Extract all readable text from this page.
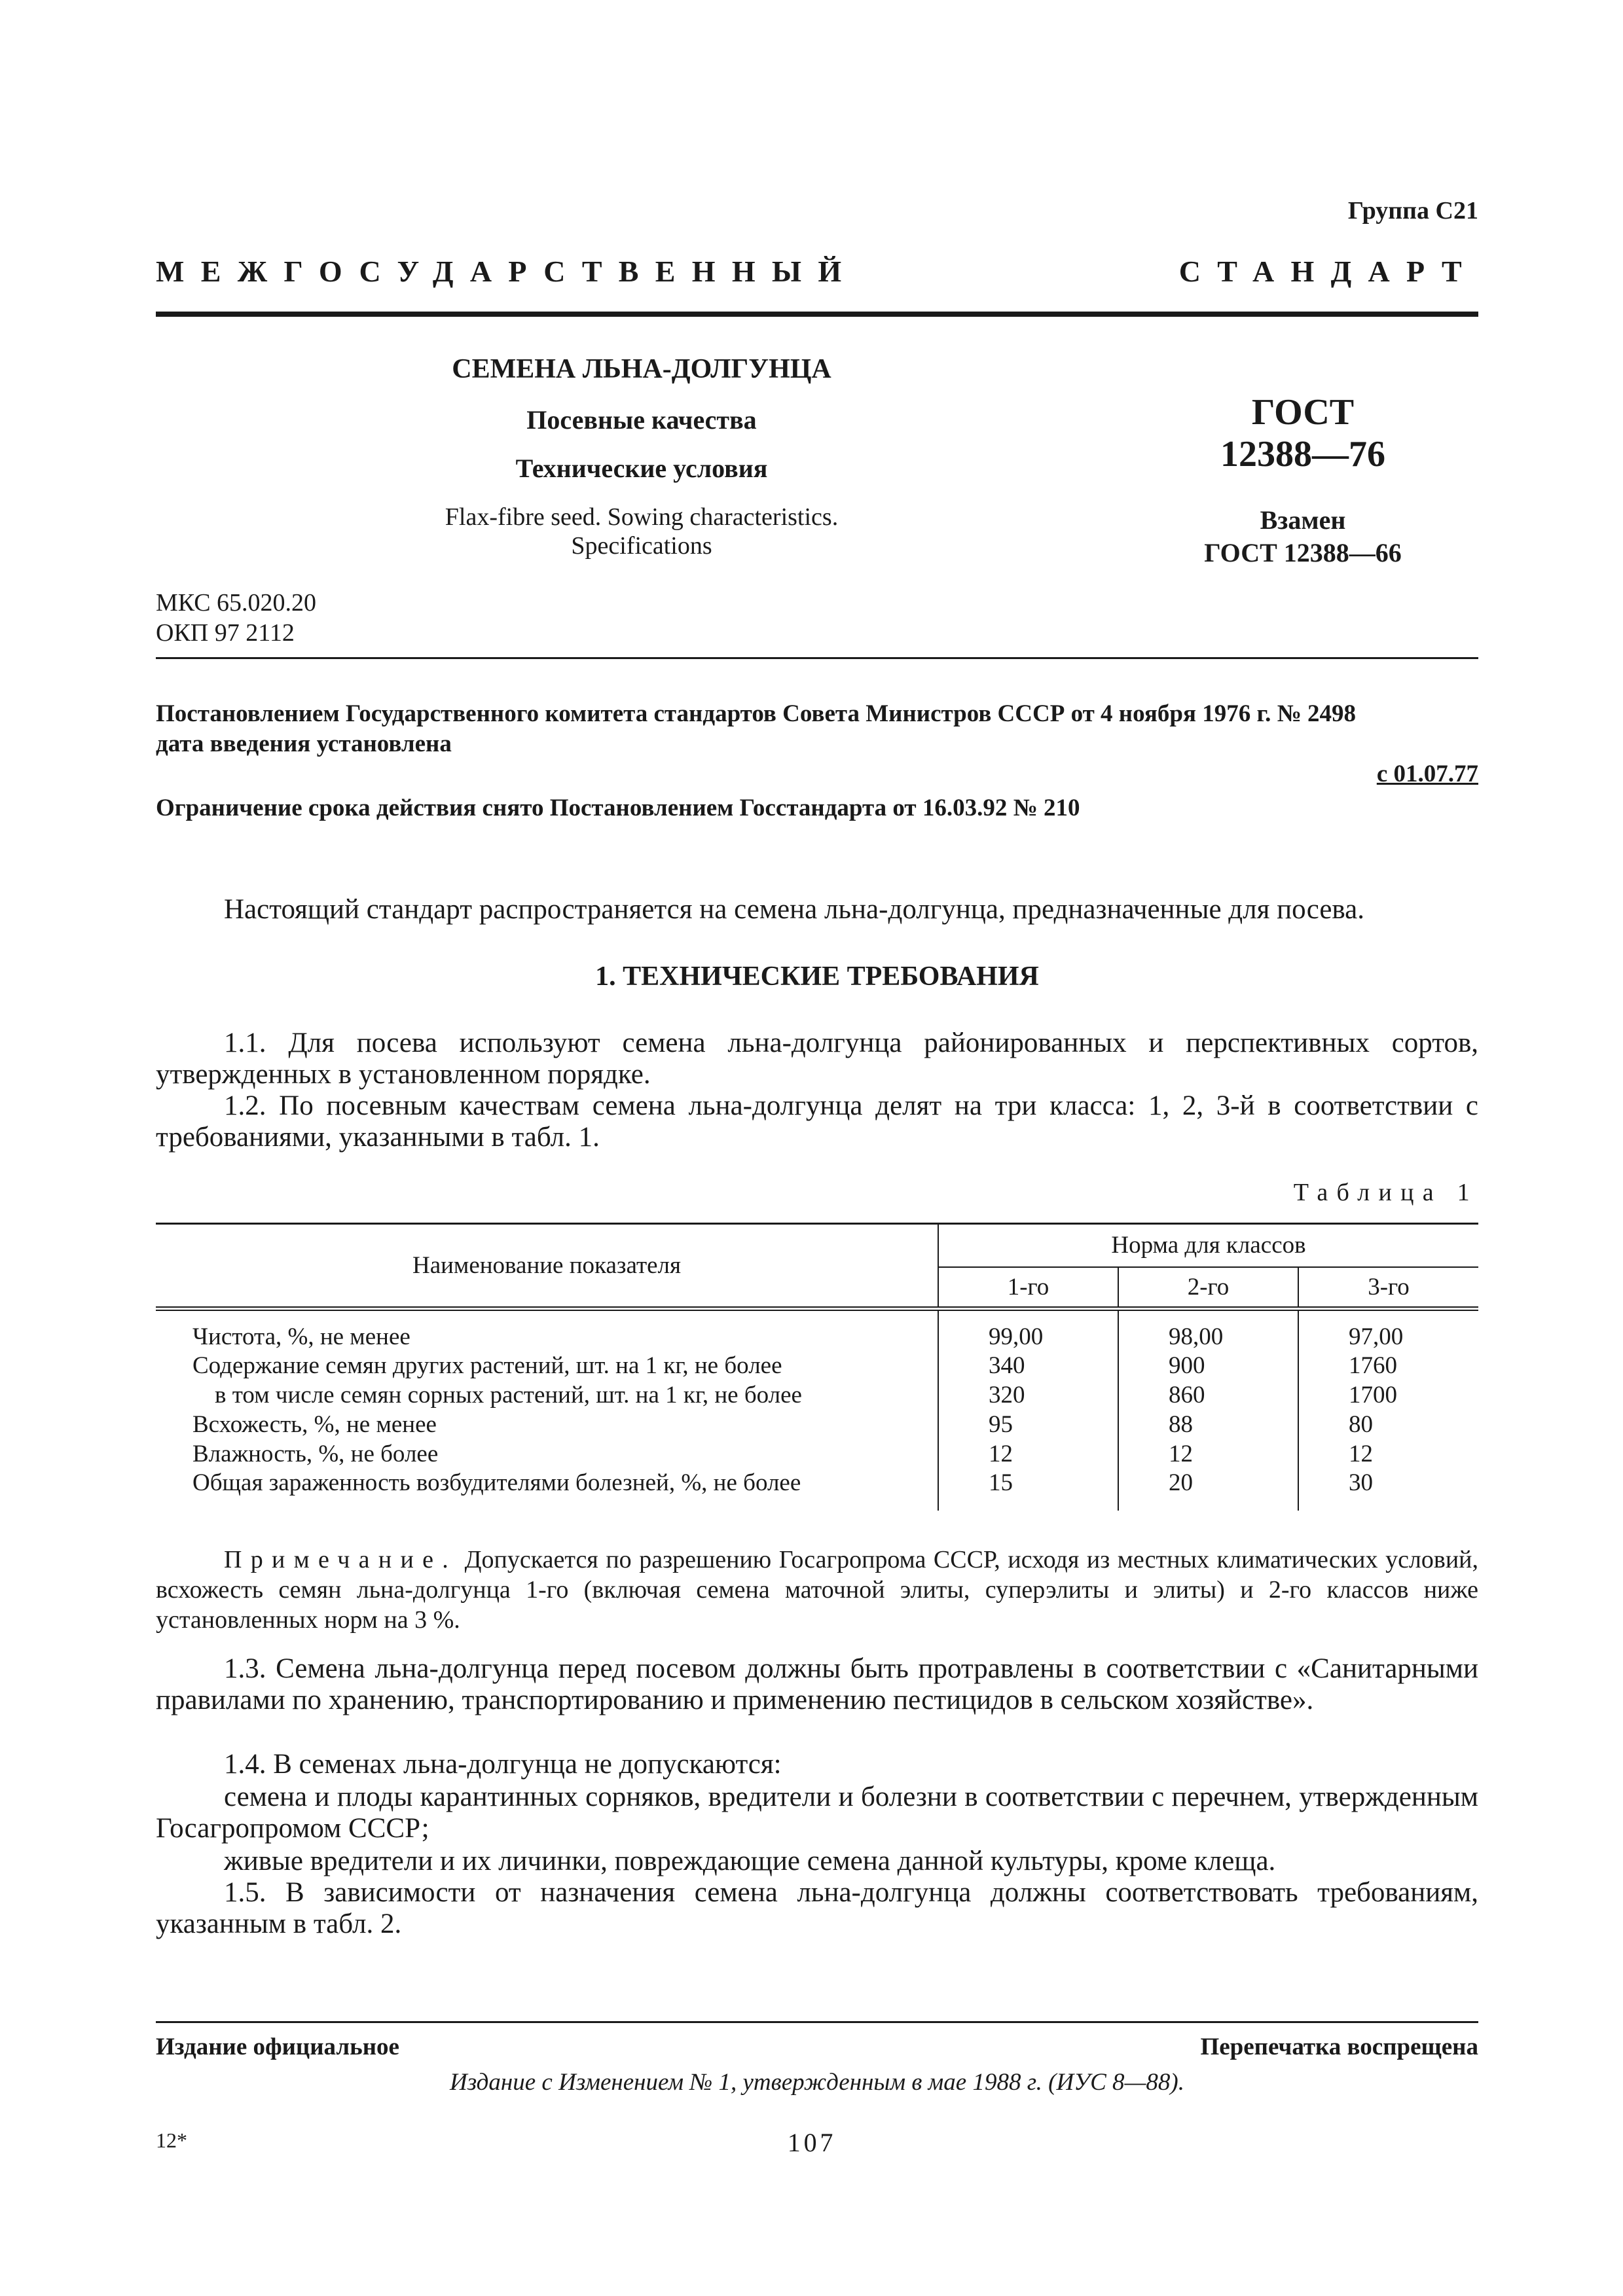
Группа С21
МЕЖГОСУДАРСТВЕННЫЙ СТАНДАРТ
СЕМЕНА ЛЬНА-ДОЛГУНЦА
Посевные качества
Технические условия
Flax-fibre seed. Sowing characteristics.
Specifications
ГОСТ
12388—76
Взамен
ГОСТ 12388—66
МКС 65.020.20
ОКП 97 2112
Постановлением Государственного комитета стандартов Совета Министров СССР от 4 ноября 1976 г. № 2498
дата введения установлена
с 01.07.77
Ограничение срока действия снято Постановлением Госстандарта от 16.03.92 № 210
Настоящий стандарт распространяется на семена льна-долгунца, предназначенные для посева.
1. ТЕХНИЧЕСКИЕ ТРЕБОВАНИЯ
1.1. Для посева используют семена льна-долгунца районированных и перспективных сортов, утвержденных в установленном порядке.
1.2. По посевным качествам семена льна-долгунца делят на три класса: 1, 2, 3-й в соответствии с требованиями, указанными в табл. 1.
Таблица 1
Наименование показателя	Норма для классов		
	1-го	2-го	3-го
Чистота, %, не менее	99,00	98,00	97,00
Содержание семян других растений, шт. на 1 кг, не более	340	900	1760
в том числе семян сорных растений, шт. на 1 кг, не более	320	860	1700
Всхожесть, %, не менее	95	88	80
Влажность, %, не более	12	12	12
Общая зараженность возбудителями болезней, %, не более	15	20	30
Примечание. Допускается по разрешению Госагропрома СССР, исходя из местных климатических условий, всхожесть семян льна-долгунца 1-го (включая семена маточной элиты, суперэлиты и элиты) и 2-го классов ниже установленных норм на 3 %.
1.3. Семена льна-долгунца перед посевом должны быть протравлены в соответствии с «Санитарными правилами по хранению, транспортированию и применению пестицидов в сельском хозяйстве».
1.4. В семенах льна-долгунца не допускаются:
семена и плоды карантинных сорняков, вредители и болезни в соответствии с перечнем, утвержденным Госагропромом СССР;
живые вредители и их личинки, повреждающие семена данной культуры, кроме клеща.
1.5. В зависимости от назначения семена льна-долгунца должны соответствовать требованиям, указанным в табл. 2.
Издание официальное	Перепечатка воспрещена
Издание с Изменением № 1, утвержденным в мае 1988 г. (ИУС 8—88).
12*	107
